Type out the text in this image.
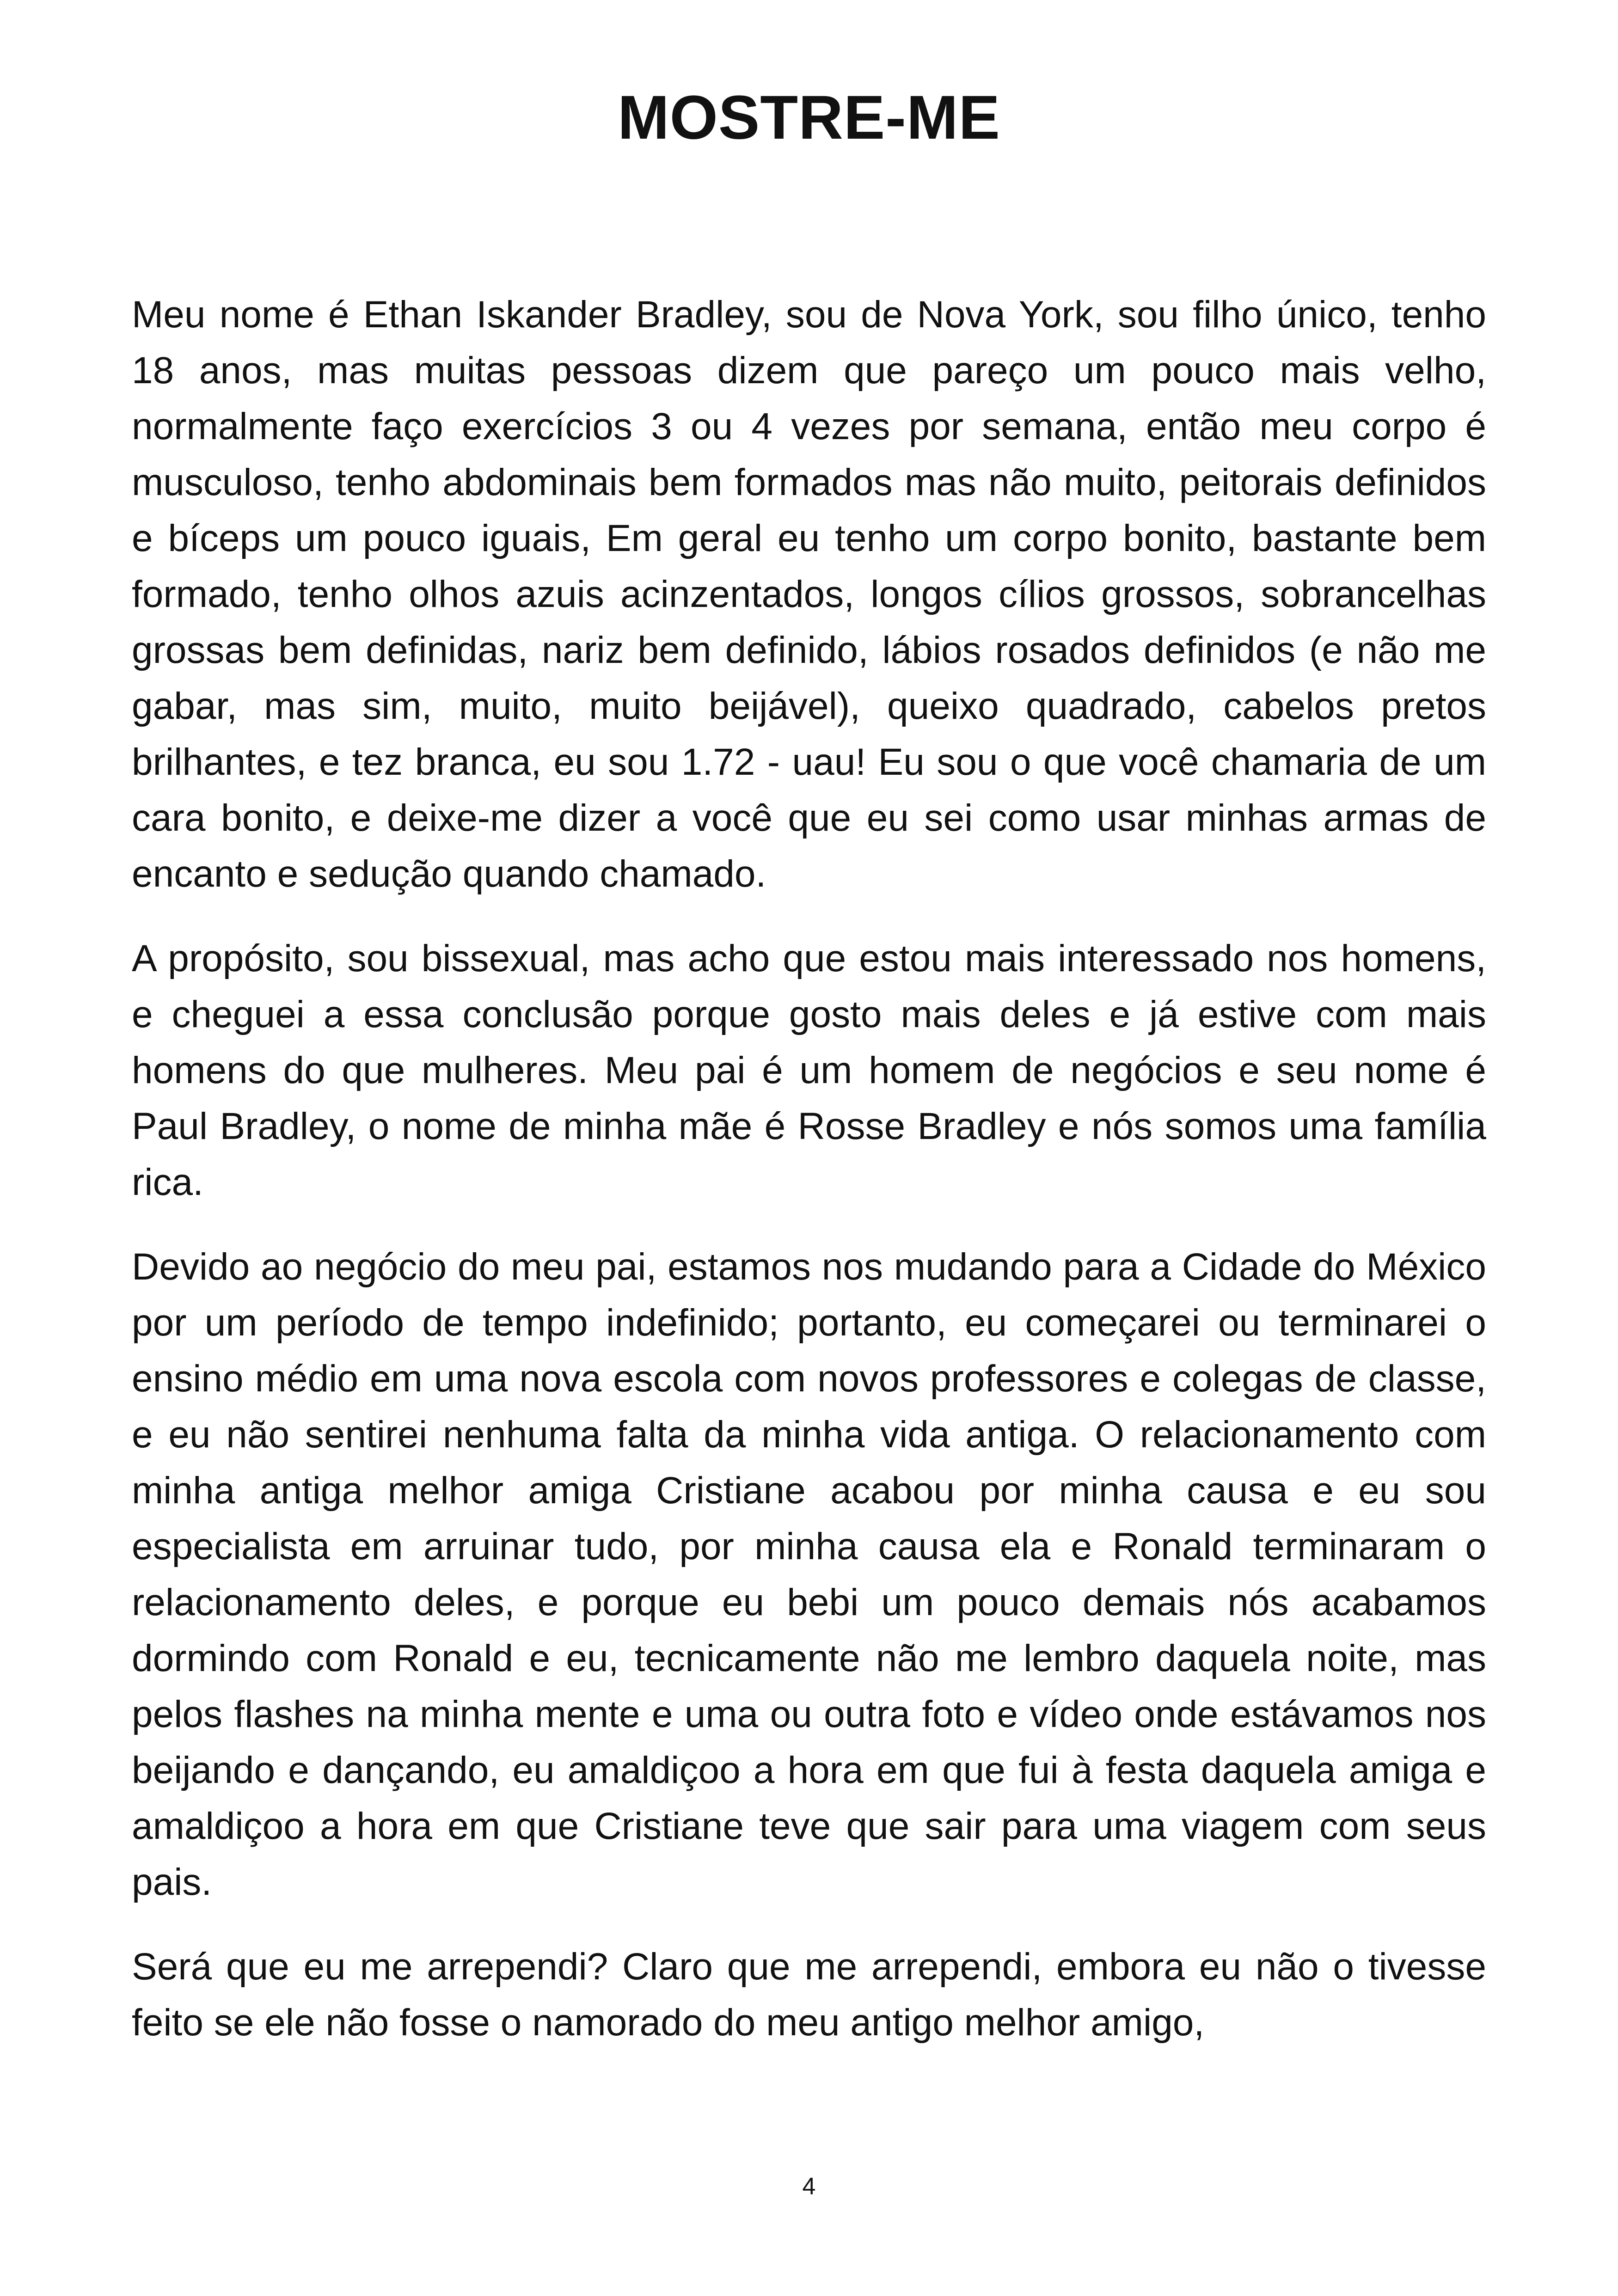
MOSTRE-ME

Meu nome é Ethan Iskander Bradley, sou de Nova York, sou filho único, tenho 18 anos, mas muitas pessoas dizem que pareço um pouco mais velho, normalmente faço exercícios 3 ou 4 vezes por semana, então meu corpo é musculoso, tenho abdominais bem formados mas não muito, peitorais definidos e bíceps um pouco iguais, Em geral eu tenho um corpo bonito, bastante bem formado, tenho olhos azuis acinzentados, longos cílios grossos, sobrancelhas grossas bem definidas, nariz bem definido, lábios rosados definidos (e não me gabar, mas sim, muito, muito beijável), queixo quadrado, cabelos pretos brilhantes, e tez branca, eu sou 1.72 - uau! Eu sou o que você chamaria de um cara bonito, e deixe-me dizer a você que eu sei como usar minhas armas de encanto e sedução quando chamado.

A propósito, sou bissexual, mas acho que estou mais interessado nos homens, e cheguei a essa conclusão porque gosto mais deles e já estive com mais homens do que mulheres. Meu pai é um homem de negócios e seu nome é Paul Bradley, o nome de minha mãe é Rosse Bradley e nós somos uma família rica.

Devido ao negócio do meu pai, estamos nos mudando para a Cidade do México por um período de tempo indefinido; portanto, eu começarei ou terminarei o ensino médio em uma nova escola com novos professores e colegas de classe, e eu não sentirei nenhuma falta da minha vida antiga. O relacionamento com minha antiga melhor amiga Cristiane acabou por minha causa e eu sou especialista em arruinar tudo, por minha causa ela e Ronald terminaram o relacionamento deles, e porque eu bebi um pouco demais nós acabamos dormindo com Ronald e eu, tecnicamente não me lembro daquela noite, mas pelos flashes na minha mente e uma ou outra foto e vídeo onde estávamos nos beijando e dançando, eu amaldiçoo a hora em que fui à festa daquela amiga e amaldiçoo a hora em que Cristiane teve que sair para uma viagem com seus pais.

Será que eu me arrependi? Claro que me arrependi, embora eu não o tivesse feito se ele não fosse o namorado do meu antigo melhor amigo,

4
